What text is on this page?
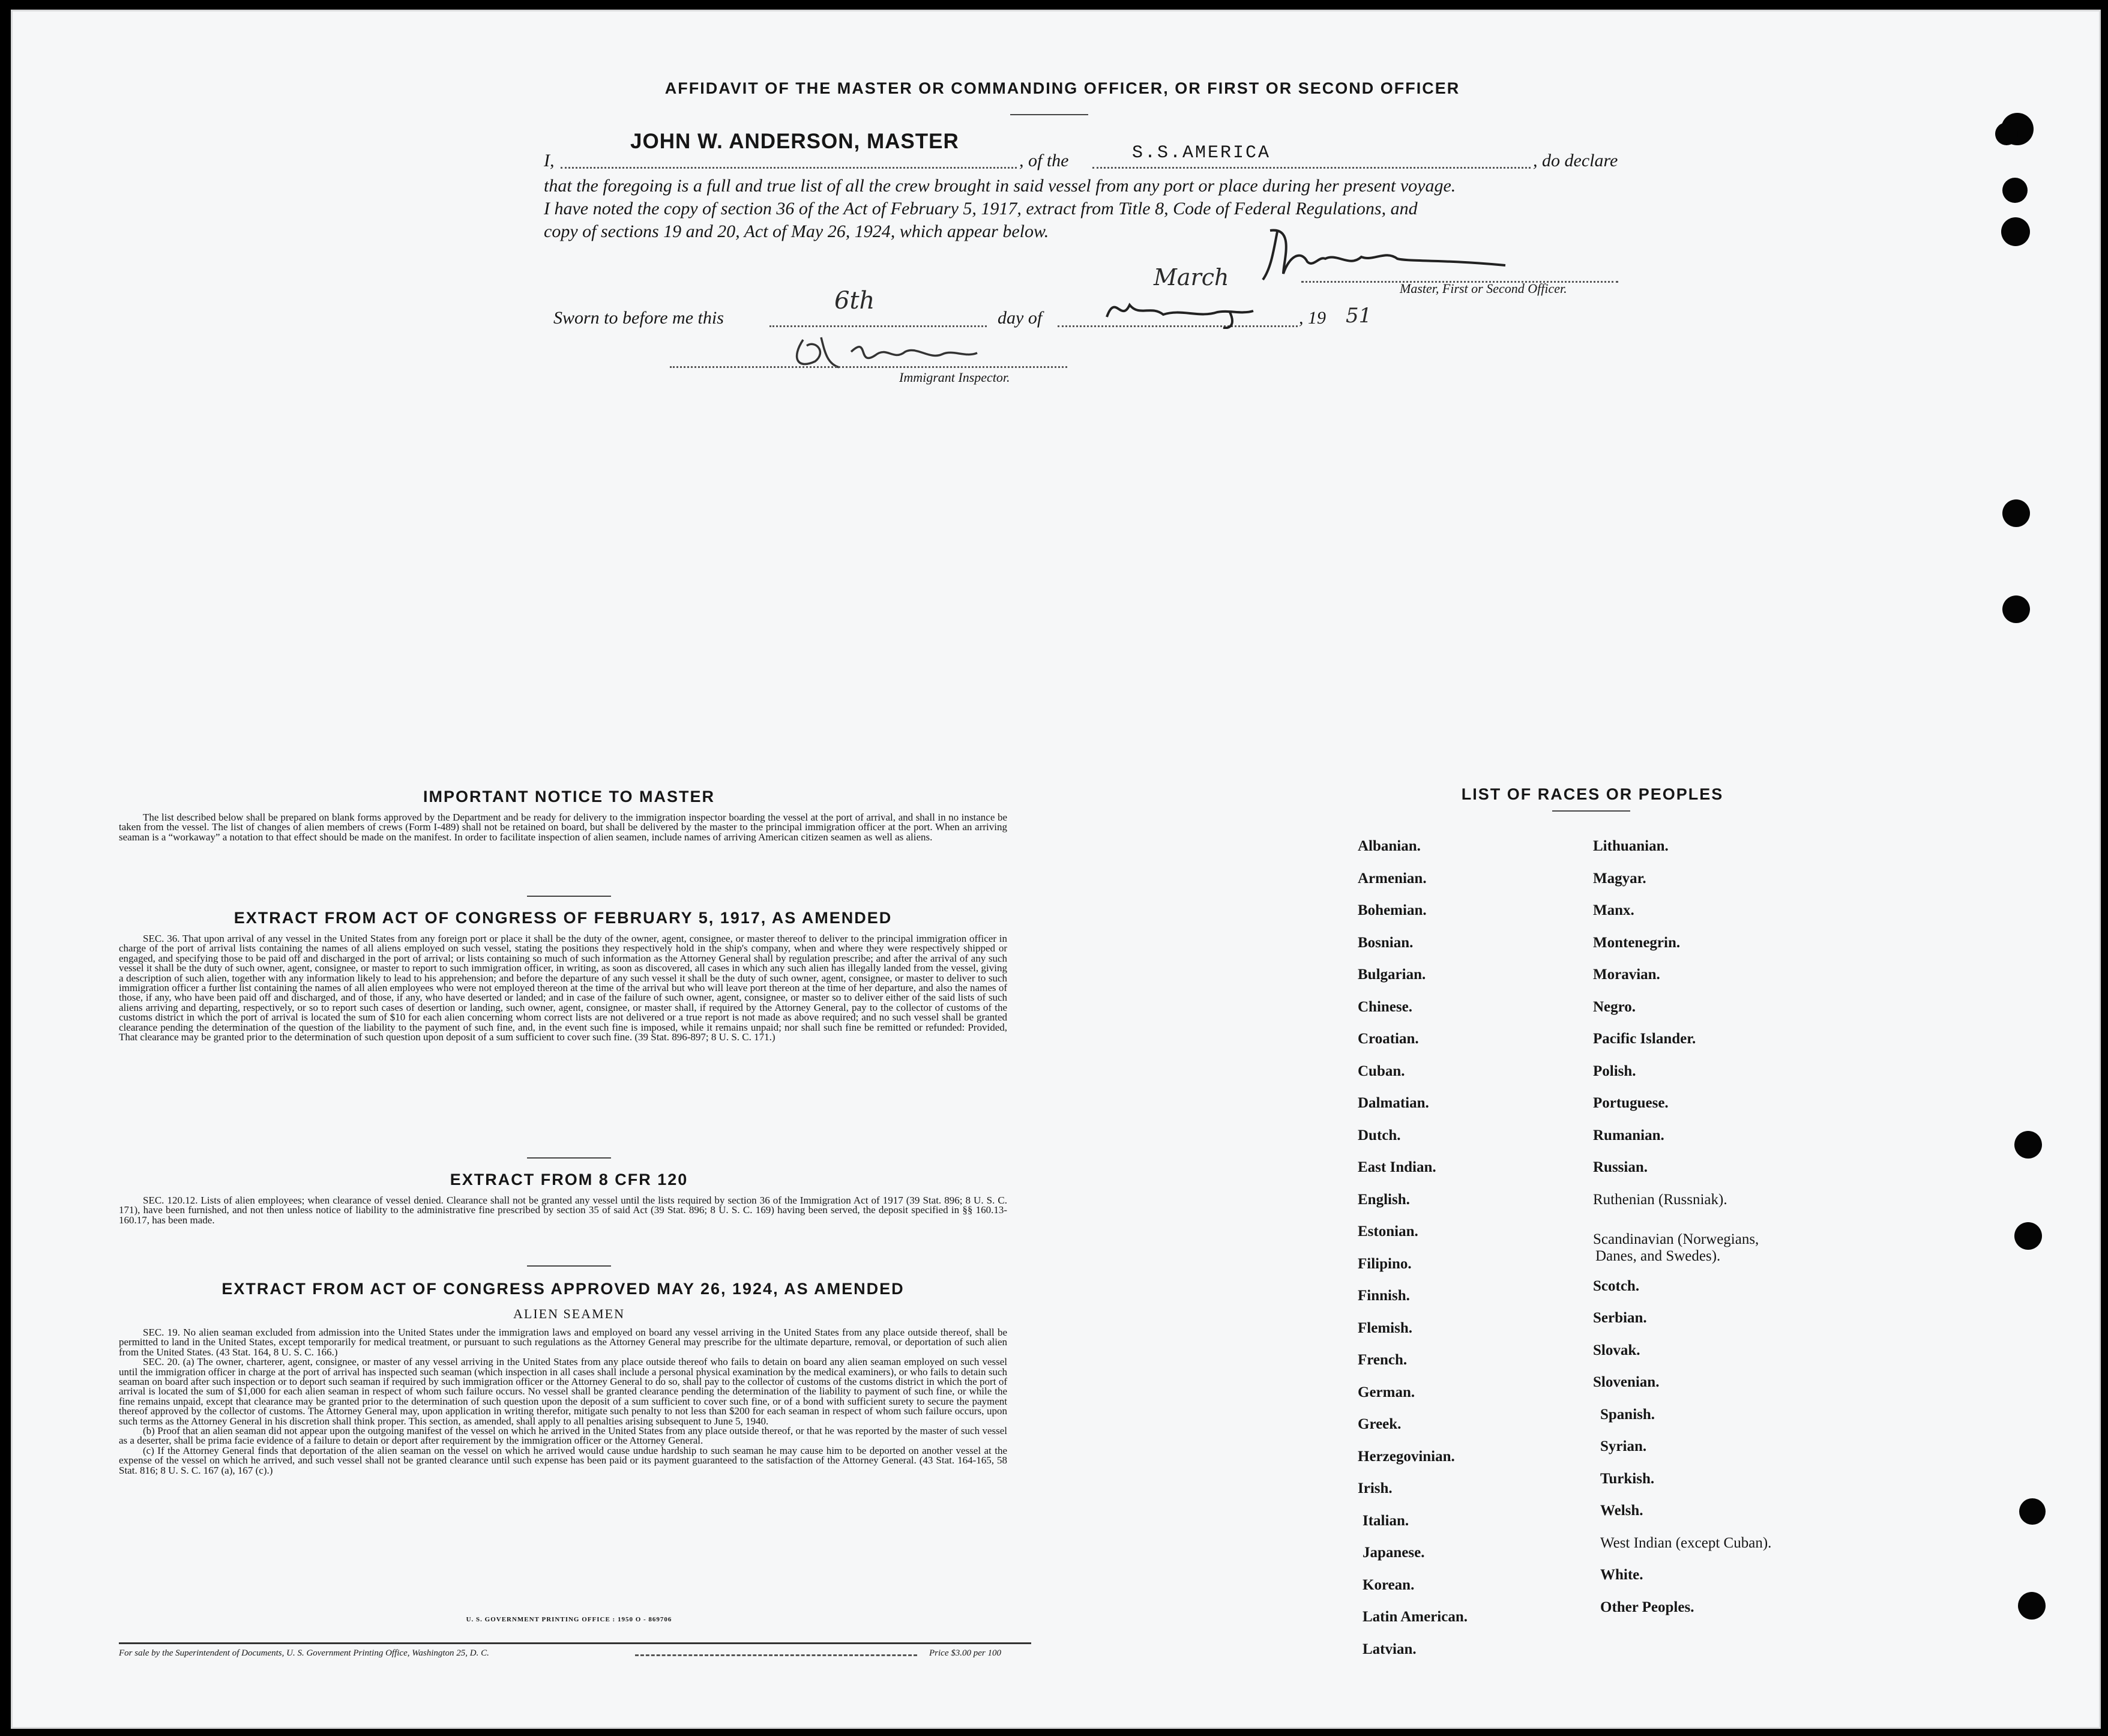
AFFIDAVIT OF THE MASTER OR COMMANDING OFFICER, OR FIRST OR SECOND OFFICER
I,
JOHN W. ANDERSON, MASTER
, of the	S.S.AMERICA	, do declare
that the foregoing is a full and true list of all the crew brought in said vessel from any port or place during her present voyage.
I have noted the copy of section 36 of the Act of February 5, 1917, extract from Title 8, Code of Federal Regulations, and
copy of sections 19 and 20, Act of May 26, 1924, which appear below.
Master, First or Second Officer.
Sworn to before me this
6th
day of
March
, 19 51
Immigrant Inspector.
IMPORTANT NOTICE TO MASTER

The list described below shall be prepared on blank forms approved by the Department and be ready for delivery to the immigration inspector boarding the vessel at the port of arrival, and shall in no instance be taken from the vessel. The list of changes of alien members of crews (Form I-489) shall not be retained on board, but shall be delivered by the master to the principal immigration officer at the port. When an arriving seaman is a “workaway” a notation to that effect should be made on the manifest. In order to facilitate inspection of alien seamen, include names of arriving American citizen seamen as well as aliens.

EXTRACT FROM ACT OF CONGRESS OF FEBRUARY 5, 1917, AS AMENDED

SEC. 36. That upon arrival of any vessel in the United States from any foreign port or place it shall be the duty of the owner, agent, consignee, or master thereof to deliver to the principal immigration officer in charge of the port of arrival lists containing the names of all aliens employed on such vessel, stating the positions they respectively hold in the ship's company, when and where they were respectively shipped or engaged, and specifying those to be paid off and discharged in the port of arrival; or lists containing so much of such information as the Attorney General shall by regulation prescribe; and after the arrival of any such vessel it shall be the duty of such owner, agent, consignee, or master to report to such immigration officer, in writing, as soon as discovered, all cases in which any such alien has illegally landed from the vessel, giving a description of such alien, together with any information likely to lead to his apprehension; and before the departure of any such vessel it shall be the duty of such owner, agent, consignee, or master to deliver to such immigration officer a further list containing the names of all alien employees who were not employed thereon at the time of the arrival but who will leave port thereon at the time of her departure, and also the names of those, if any, who have been paid off and discharged, and of those, if any, who have deserted or landed; and in case of the failure of such owner, agent, consignee, or master so to deliver either of the said lists of such aliens arriving and departing, respectively, or so to report such cases of desertion or landing, such owner, agent, consignee, or master shall, if required by the Attorney General, pay to the collector of customs of the customs district in which the port of arrival is located the sum of $10 for each alien concerning whom correct lists are not delivered or a true report is not made as above required; and no such vessel shall be granted clearance pending the determination of the question of the liability to the payment of such fine, and, in the event such fine is imposed, while it remains unpaid; nor shall such fine be remitted or refunded: Provided, That clearance may be granted prior to the determination of such question upon deposit of a sum sufficient to cover such fine. (39 Stat. 896-897; 8 U. S. C. 171.)

EXTRACT FROM 8 CFR 120

SEC. 120.12. Lists of alien employees; when clearance of vessel denied. Clearance shall not be granted any vessel until the lists required by section 36 of the Immigration Act of 1917 (39 Stat. 896; 8 U. S. C. 171), have been furnished, and not then unless notice of liability to the administrative fine prescribed by section 35 of said Act (39 Stat. 896; 8 U. S. C. 169) having been served, the deposit specified in §§ 160.13-160.17, has been made.

EXTRACT FROM ACT OF CONGRESS APPROVED MAY 26, 1924, AS AMENDED
ALIEN SEAMEN

SEC. 19. No alien seaman excluded from admission into the United States under the immigration laws and employed on board any vessel arriving in the United States from any place outside thereof, shall be permitted to land in the United States, except temporarily for medical treatment, or pursuant to such regulations as the Attorney General may prescribe for the ultimate departure, removal, or deportation of such alien from the United States. (43 Stat. 164, 8 U. S. C. 166.)

SEC. 20. (a) The owner, charterer, agent, consignee, or master of any vessel arriving in the United States from any place outside thereof who fails to detain on board any alien seaman employed on such vessel until the immigration officer in charge at the port of arrival has inspected such seaman (which inspection in all cases shall include a personal physical examination by the medical examiners), or who fails to detain such seaman on board after such inspection or to deport such seaman if required by such immigration officer or the Attorney General to do so, shall pay to the collector of customs of the customs district in which the port of arrival is located the sum of $1,000 for each alien seaman in respect of whom such failure occurs. No vessel shall be granted clearance pending the determination of the liability to payment of such fine, or while the fine remains unpaid, except that clearance may be granted prior to the determination of such question upon the deposit of a sum sufficient to cover such fine, or of a bond with sufficient surety to secure the payment thereof approved by the collector of customs. The Attorney General may, upon application in writing therefor, mitigate such penalty to not less than $200 for each seaman in respect of whom such failure occurs, upon such terms as the Attorney General in his discretion shall think proper. This section, as amended, shall apply to all penalties arising subsequent to June 5, 1940.

(b) Proof that an alien seaman did not appear upon the outgoing manifest of the vessel on which he arrived in the United States from any place outside thereof, or that he was reported by the master of such vessel as a deserter, shall be prima facie evidence of a failure to detain or deport after requirement by the immigration officer or the Attorney General.

(c) If the Attorney General finds that deportation of the alien seaman on the vessel on which he arrived would cause undue hardship to such seaman he may cause him to be deported on another vessel at the expense of the vessel on which he arrived, and such vessel shall not be granted clearance until such expense has been paid or its payment guaranteed to the satisfaction of the Attorney General. (43 Stat. 164-165, 58 Stat. 816; 8 U. S. C. 167 (a), 167 (c).)

U. S. GOVERNMENT PRINTING OFFICE : 1950 O - 869706
For sale by the Superintendent of Documents, U. S. Government Printing Office, Washington 25, D. C.	Price $3.00 per 100
LIST OF RACES OR PEOPLES
Albanian.
Armenian.
Bohemian.
Bosnian.
Bulgarian.
Chinese.
Croatian.
Cuban.
Dalmatian.
Dutch.
East Indian.
English.
Estonian.
Filipino.
Finnish.
Flemish.
French.
German.
Greek.
Herzegovinian.
Irish.
Italian.
Japanese.
Korean.
Latin American.
Latvian.
Lithuanian.
Magyar.
Manx.
Montenegrin.
Moravian.
Negro.
Pacific Islander.
Polish.
Portuguese.
Rumanian.
Russian.
Ruthenian (Russniak).
Scandinavian (Norwegians,
Danes, and Swedes).
Scotch.
Serbian.
Slovak.
Slovenian.
Spanish.
Syrian.
Turkish.
Welsh.
West Indian (except Cuban).
White.
Other Peoples.
